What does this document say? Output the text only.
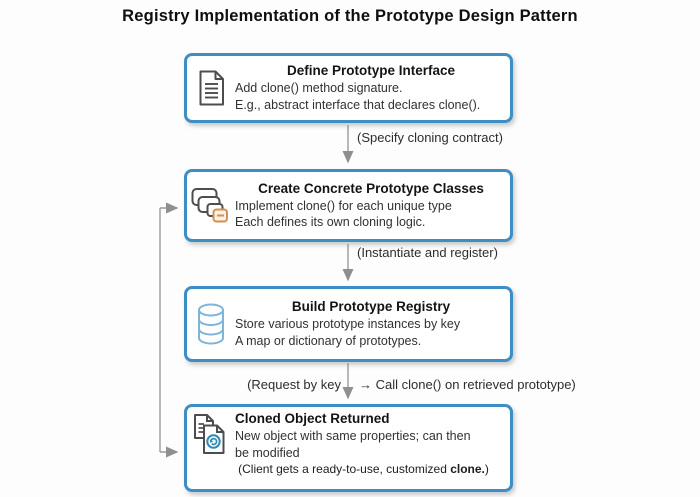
Registry Implementation of the Prototype Design Pattern
Define Prototype Interface
Add clone() method signature.
E.g., abstract interface that declares clone().
(Specify cloning contract)
Create Concrete Prototype Classes
Implement clone() for each unique type
Each defines its own cloning logic.
(Instantiate and register)
Build Prototype Registry
Store various prototype instances by key
A map or dictionary of prototypes.
(Request by key → Call clone() on retrieved prototype)
Cloned Object Returned
New object with same properties; can then
be modified
(Client gets a ready-to-use, customized clone.)
